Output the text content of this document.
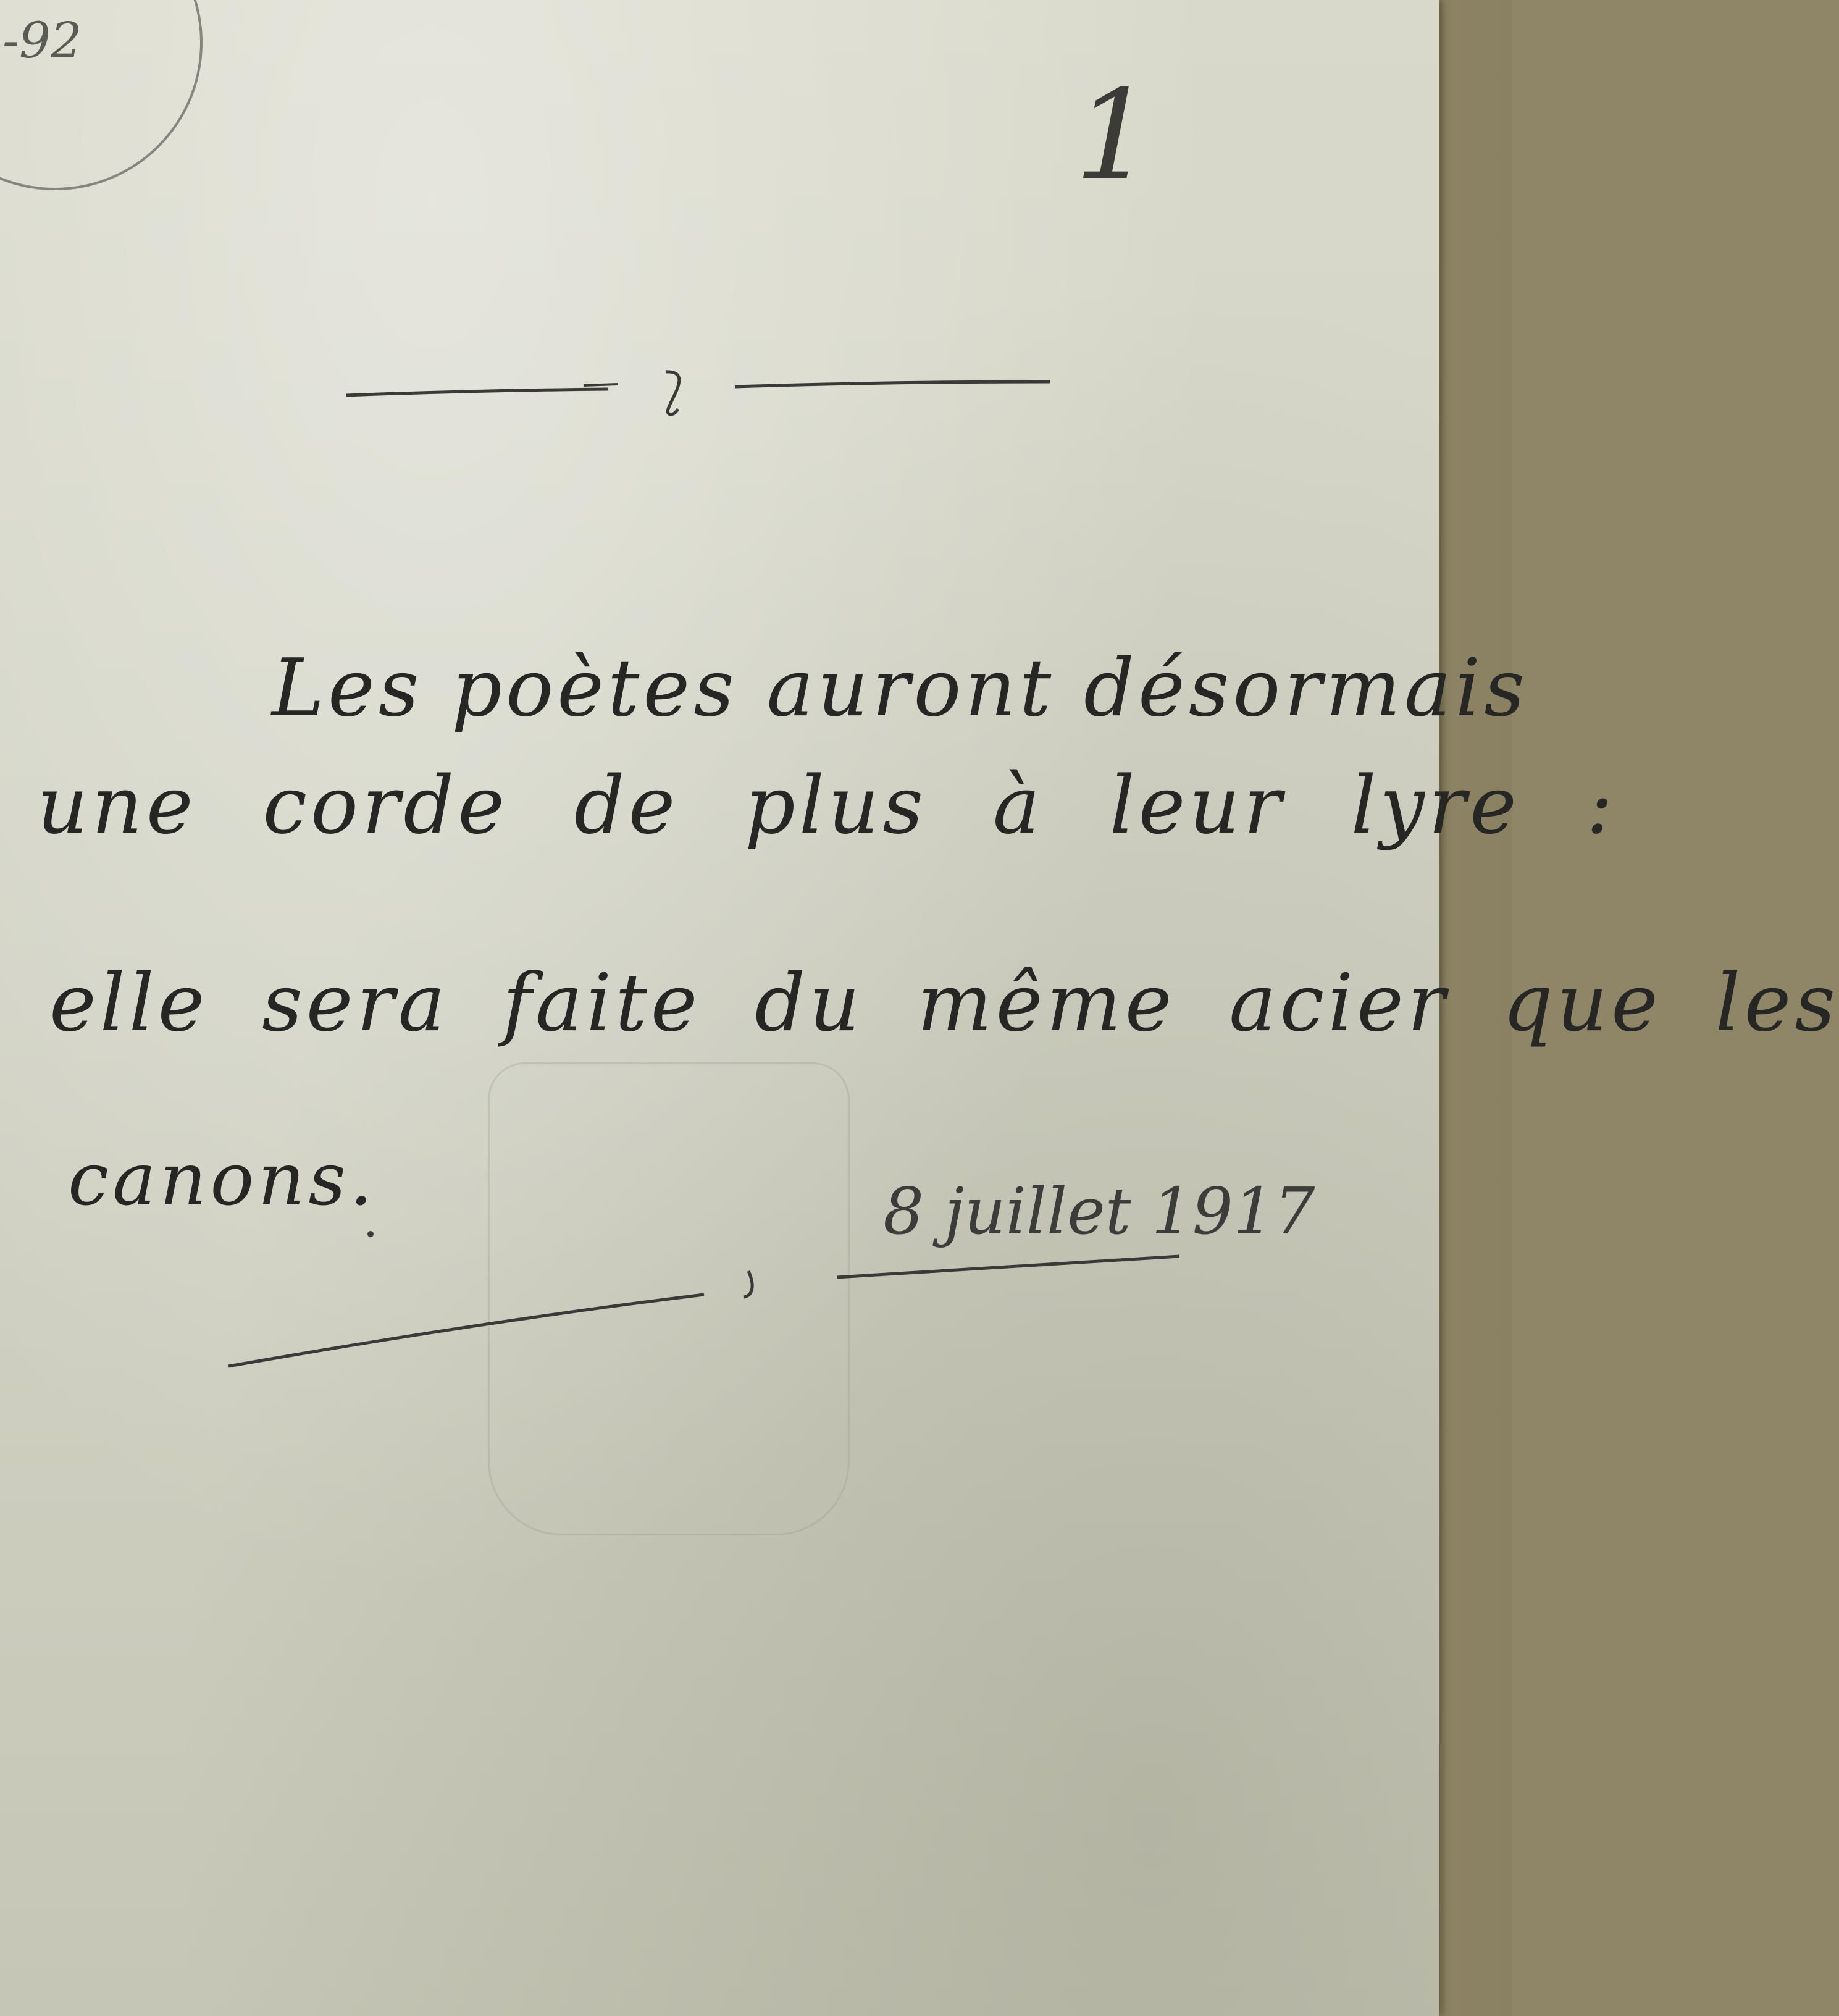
-92
1
Les poètes auront désormais
une corde de plus à leur lyre :
elle sera faite du même acier que les
canons.	8 juillet 1917
